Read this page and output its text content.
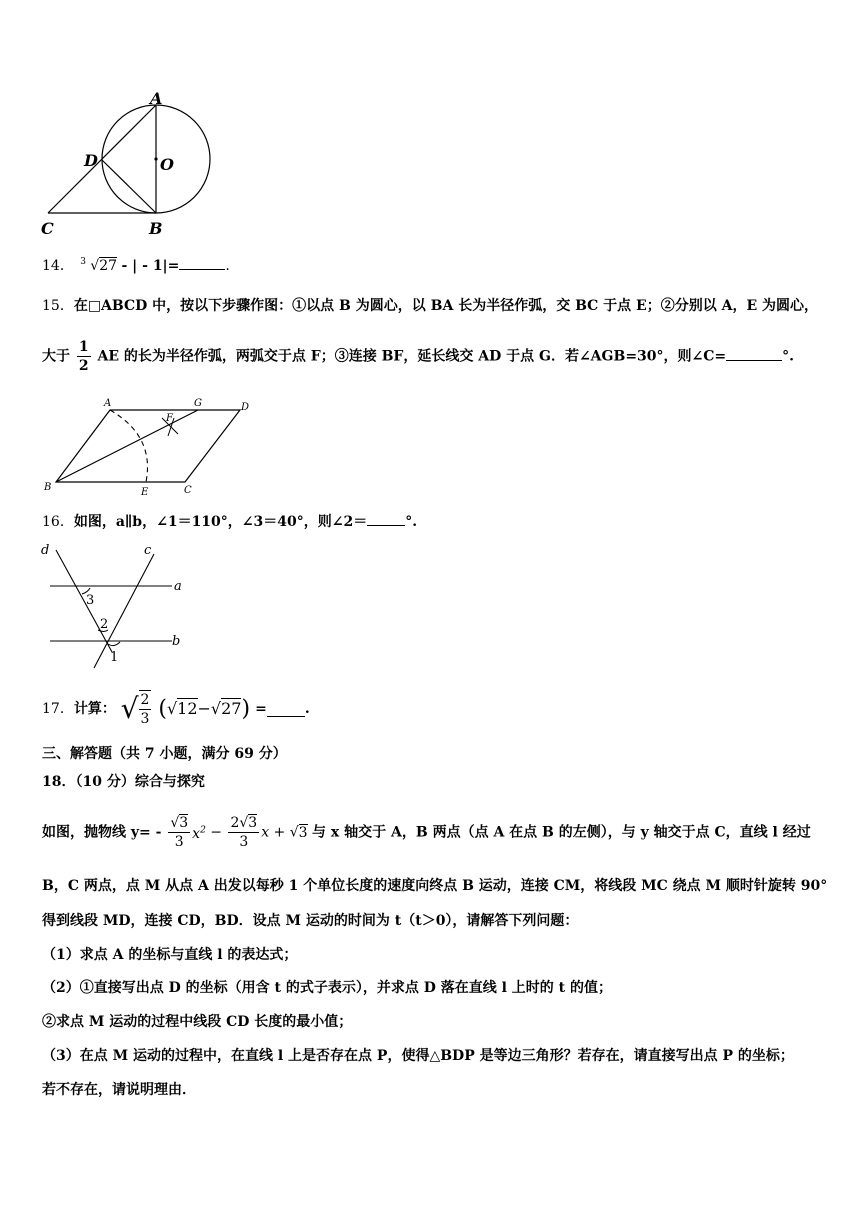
A
D	O
C	B
14． 3 √27 - | - 1|=	.
15．在□ABCD 中，按以下步骤作图：①以点 B 为圆心，以 BA 长为半径作弧，交 BC 于点 E；②分别以 A，E 为圆心，
大于 $\frac{1}{2}$ AE 的长为半径作弧，两弧交于点 F；③连接 BF，延长线交 AD 于点 G．若∠AGB=30°，则∠C=	°.
A	G	D
F
B	E	C
16．如图，a∥b，∠1＝110°，∠3＝40°，则∠2＝	°.
d	c
a
b
3
2
1
17．计算： √ $\frac{2}{3} (√12-√27)$ =	.
三、解答题（共 7 小题，满分 69 分）
18．（10 分）综合与探究
如图，抛物线 $y= - \frac{√3}{3} x^2 - \frac{2√3}{3}$ x + √3 与 x 轴交于 A，B 两点（点 A 在点 B 的左侧），与 y 轴交于点 C，直线 l 经过
B，C 两点，点 M 从点 A 出发以每秒 1 个单位长度的速度向终点 B 运动，连接 CM，将线段 MC 绕点 M 顺时针旋转 90°
得到线段 MD，连接 CD，BD．设点 M 运动的时间为 t（t＞0），请解答下列问题：
（1）求点 A 的坐标与直线 l 的表达式；
（2）①直接写出点 D 的坐标（用含 t 的式子表示），并求点 D 落在直线 l 上时的 t 的值；
②求点 M 运动的过程中线段 CD 长度的最小值；
（3）在点 M 运动的过程中，在直线 l 上是否存在点 P，使得△BDP 是等边三角形？若存在，请直接写出点 P 的坐标；
若不存在，请说明理由．
